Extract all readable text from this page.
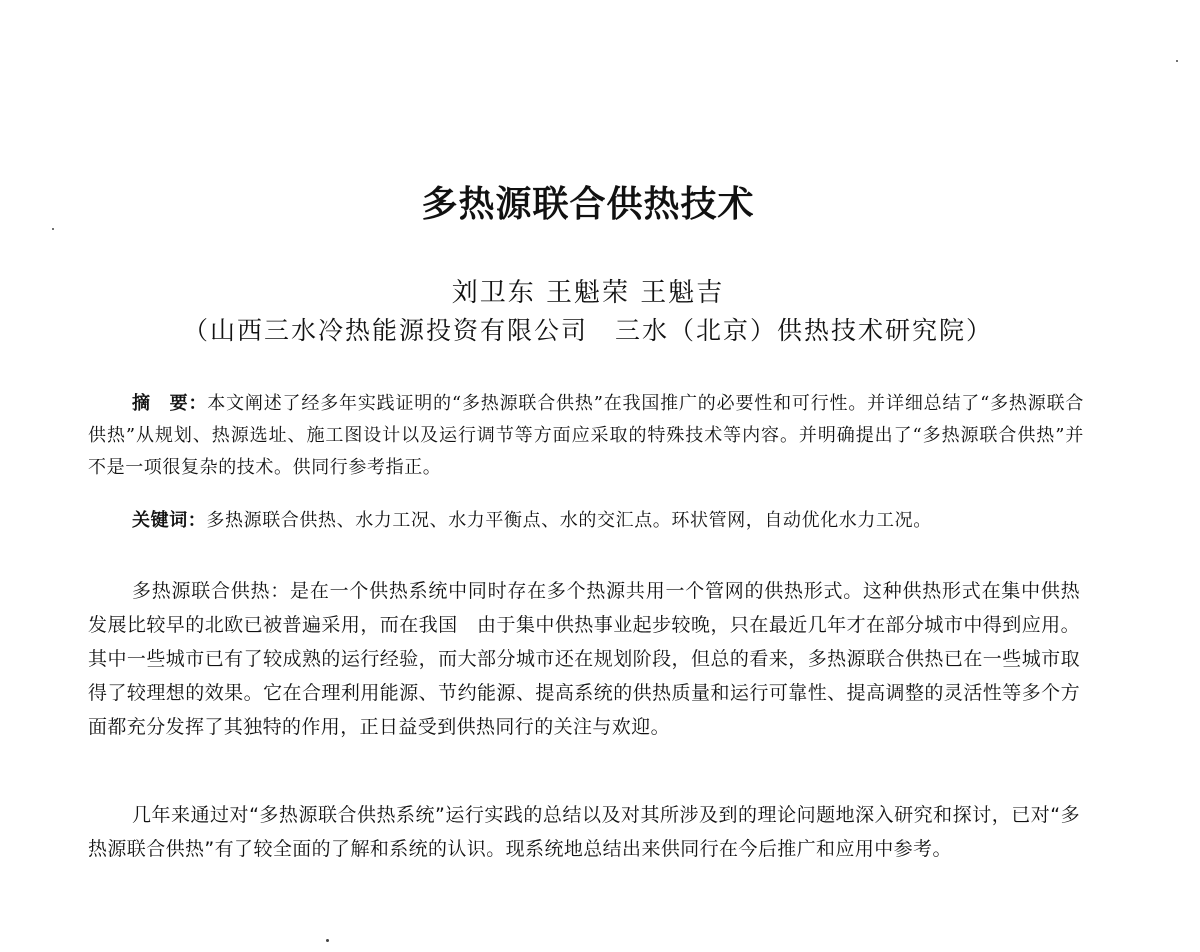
多热源联合供热技术
刘卫东 王魁荣 王魁吉
（山西三水冷热能源投资有限公司　三水（北京）供热技术研究院）

摘　要：本文阐述了经多年实践证明的“多热源联合供热”在我国推广的必要性和可行性。并详细总结了“多热源联合供热”从规划、热源选址、施工图设计以及运行调节等方面应采取的特殊技术等内容。并明确提出了“多热源联合供热”并不是一项很复杂的技术。供同行参考指正。

关键词：多热源联合供热、水力工况、水力平衡点、水的交汇点。环状管网，自动优化水力工况。

多热源联合供热：是在一个供热系统中同时存在多个热源共用一个管网的供热形式。这种供热形式在集中供热发展比较早的北欧已被普遍采用，而在我国　由于集中供热事业起步较晚，只在最近几年才在部分城市中得到应用。其中一些城市已有了较成熟的运行经验，而大部分城市还在规划阶段，但总的看来，多热源联合供热已在一些城市取得了较理想的效果。它在合理利用能源、节约能源、提高系统的供热质量和运行可靠性、提高调整的灵活性等多个方面都充分发挥了其独特的作用，正日益受到供热同行的关注与欢迎。

几年来通过对“多热源联合供热系统”运行实践的总结以及对其所涉及到的理论问题地深入研究和探讨，已对“多热源联合供热”有了较全面的了解和系统的认识。现系统地总结出来供同行在今后推广和应用中参考。
